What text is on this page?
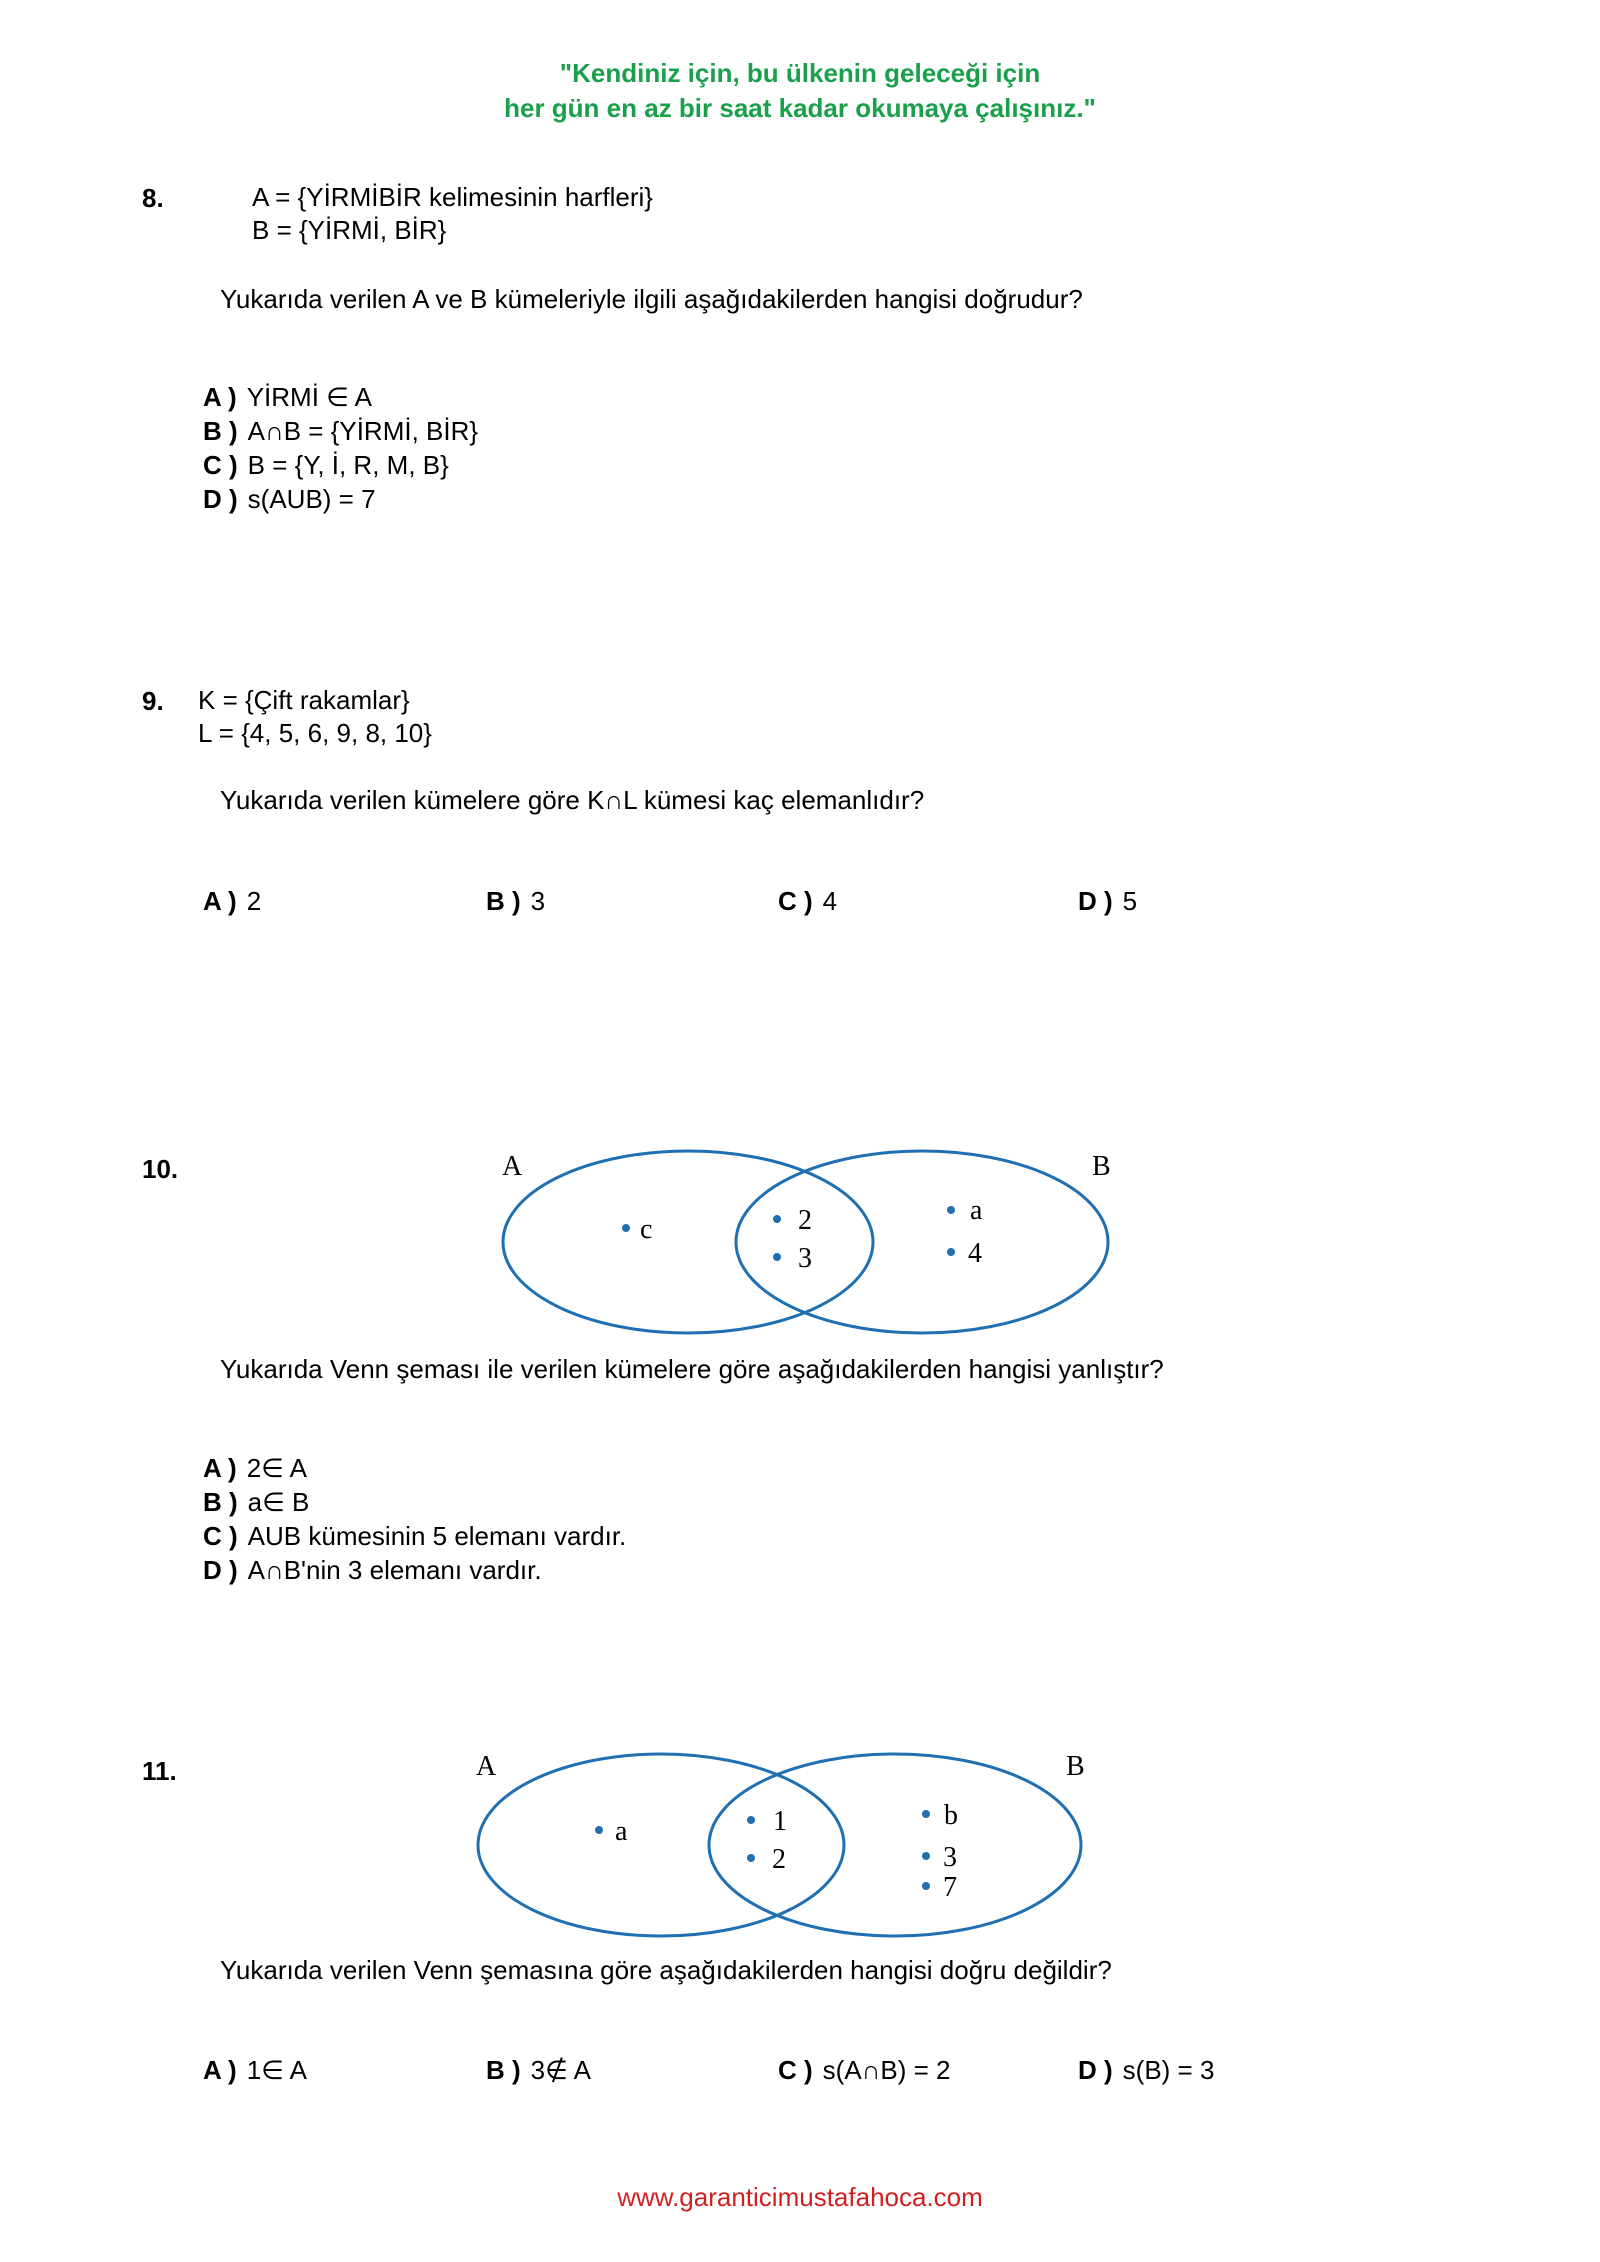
"Kendiniz için, bu ülkenin geleceği için
her gün en az bir saat kadar okumaya çalışınız."
8.	A = {YİRMİBİR kelimesinin harfleri}
B = {YİRMİ, BİR}
Yukarıda verilen A ve B kümeleriyle ilgili aşağıdakilerden hangisi doğrudur?
A ) YİRMİ ∈ A
B ) A∩B = {YİRMİ, BİR}
C ) B = {Y, İ, R, M, B}
D ) s(AUB) = 7
9. K = {Çift rakamlar}
L = {4, 5, 6, 9, 8, 10}
Yukarıda verilen kümelere göre K∩L kümesi kaç elemanlıdır?
A ) 2	B ) 3	C ) 4	D ) 5
10.	A	B
c	2
3
a
4
Yukarıda Venn şeması ile verilen kümelere göre aşağıdakilerden hangisi yanlıştır?
A ) 2∈ A
B ) a∈ B
C ) AUB kümesinin 5 elemanı vardır.
D ) A∩B'nin 3 elemanı vardır.
11.	A	B
a	1
2
b
3
7
Yukarıda verilen Venn şemasına göre aşağıdakilerden hangisi doğru değildir?
A ) 1∈ A	B ) 3∉ A	C ) s(A∩B) = 2	D ) s(B) = 3
www.garanticimustafahoca.com
